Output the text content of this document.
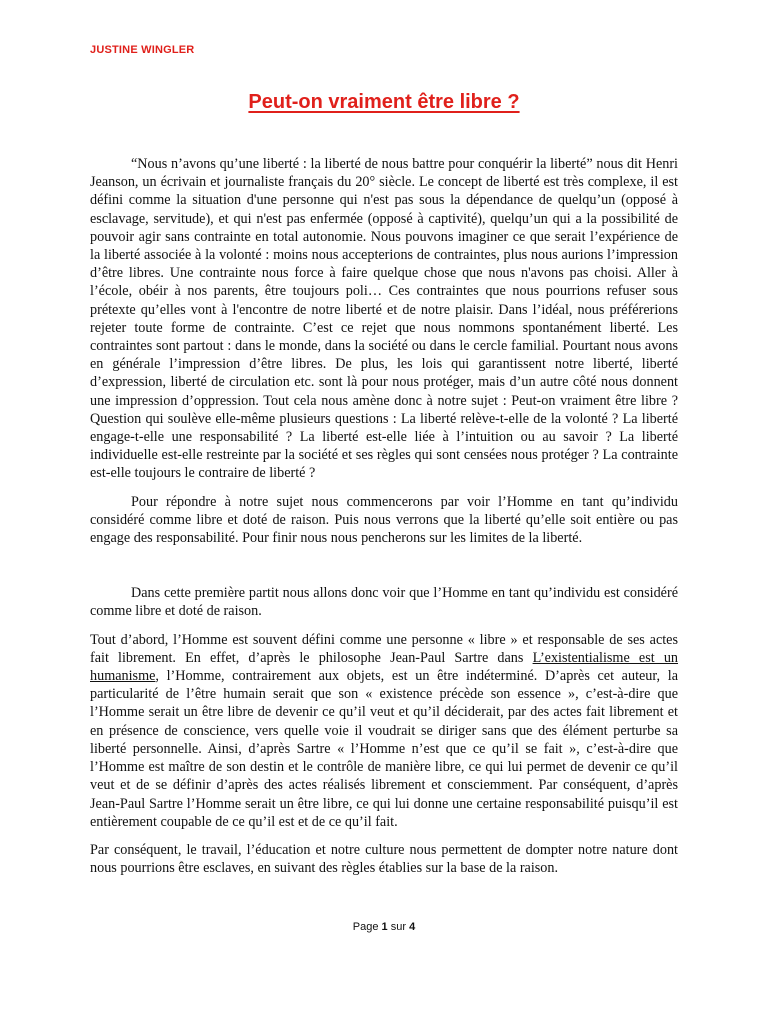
JUSTINE WINGLER
Peut-on vraiment être libre ?

“Nous n’avons qu’une liberté : la liberté de nous battre pour conquérir la liberté” nous dit Henri Jeanson, un écrivain et journaliste français du 20° siècle. Le concept de liberté est très complexe, il est défini comme la situation d'une personne qui n'est pas sous la dépendance de quelqu’un (opposé à esclavage, servitude), et qui n'est pas enfermée (opposé à captivité), quelqu’un qui a la possibilité de pouvoir agir sans contrainte en total autonomie. Nous pouvons imaginer ce que serait l’expérience de la liberté associée à la volonté : moins nous accepterions de contraintes, plus nous aurions l’impression d’être libres. Une contrainte nous force à faire quelque chose que nous n'avons pas choisi. Aller à l’école, obéir à nos parents, être toujours poli… Ces contraintes que nous pourrions refuser sous prétexte qu’elles vont à l'encontre de notre liberté et de notre plaisir. Dans l’idéal, nous préférerions rejeter toute forme de contrainte. C’est ce rejet que nous nommons spontanément liberté. Les contraintes sont partout : dans le monde, dans la société ou dans le cercle familial. Pourtant nous avons en générale l’impression d’être libres. De plus, les lois qui garantissent notre liberté, liberté d’expression, liberté de circulation etc. sont là pour nous protéger, mais d’un autre côté nous donnent une impression d’oppression. Tout cela nous amène donc à notre sujet : Peut-on vraiment être libre ? Question qui soulève elle-même plusieurs questions : La liberté relève-t-elle de la volonté ? La liberté engage-t-elle une responsabilité ? La liberté est-elle liée à l’intuition ou au savoir ? La liberté individuelle est-elle restreinte par la société et ses règles qui sont censées nous protéger ? La contrainte est-elle toujours le contraire de liberté ?

Pour répondre à notre sujet nous commencerons par voir l’Homme en tant qu’individu considéré comme libre et doté de raison. Puis nous verrons que la liberté qu’elle soit entière ou pas engage des responsabilité. Pour finir nous nous pencherons sur les limites de la liberté.

Dans cette première partit nous allons donc voir que l’Homme en tant qu’individu est considéré comme libre et doté de raison.

Tout d’abord, l’Homme est souvent défini comme une personne « libre » et responsable de ses actes fait librement. En effet, d’après le philosophe Jean-Paul Sartre dans L’existentialisme est un humanisme, l’Homme, contrairement aux objets, est un être indéterminé. D’après cet auteur, la particularité de l’être humain serait que son « existence précède son essence », c’est-à-dire que l’Homme serait un être libre de devenir ce qu’il veut et qu’il déciderait, par des actes fait librement et en présence de conscience, vers quelle voie il voudrait se diriger sans que des élément perturbe sa liberté personnelle. Ainsi, d’après Sartre « l’Homme n’est que ce qu’il se fait », c’est-à-dire que l’Homme est maître de son destin et le contrôle de manière libre, ce qui lui permet de devenir ce qu’il veut et de se définir d’après des actes réalisés librement et consciemment. Par conséquent, d’après Jean-Paul Sartre l’Homme serait un être libre, ce qui lui donne une certaine responsabilité puisqu’il est entièrement coupable de ce qu’il est et de ce qu’il fait.

Par conséquent, le travail, l’éducation et notre culture nous permettent de dompter notre nature dont nous pourrions être esclaves, en suivant des règles établies sur la base de la raison.

Page 1 sur 4
